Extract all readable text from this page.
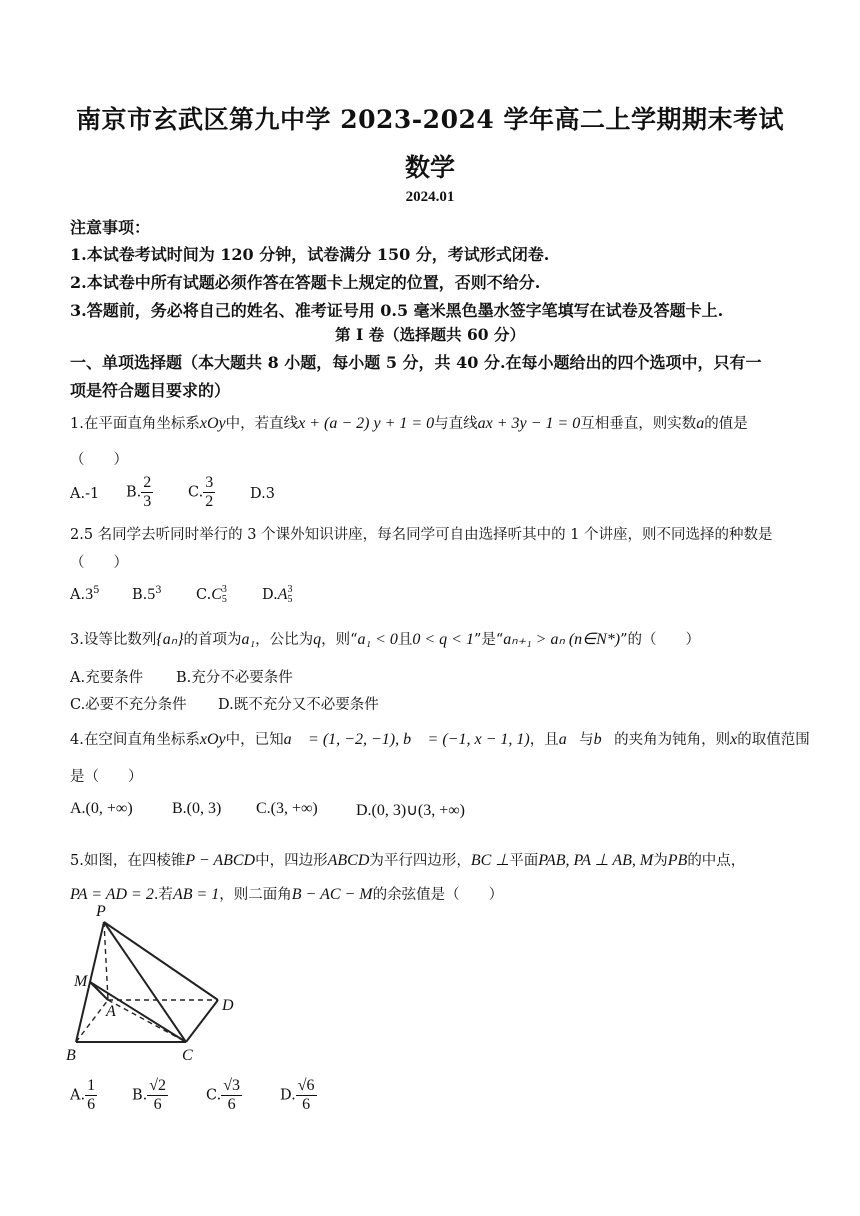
南京市玄武区第九中学 2023-2024 学年高二上学期期末考试
数学
2024.01
注意事项：
1.本试卷考试时间为 120 分钟，试卷满分 150 分，考试形式闭卷.
2.本试卷中所有试题必须作答在答题卡上规定的位置，否则不给分.
3.答题前，务必将自己的姓名、准考证号用 0.5 毫米黑色墨水签字笔填写在试卷及答题卡上.
第 I 卷（选择题共 60 分）
一、单项选择题（本大题共 8 小题，每小题 5 分，共 40 分.在每小题给出的四个选项中，只有一
项是符合题目要求的）
1.在平面直角坐标系xOy中，若直线x + (a − 2) y + 1 = 0与直线ax + 3y − 1 = 0互相垂直，则实数a的值是
（　　）
A.-1 B. $\frac{2}{3} C$. $\frac{3}{2} D.3$
2.5 名同学去听同时举行的 3 个课外知识讲座，每名同学可自由选择听其中的 1 个讲座，则不同选择的种数是
（　　）
$A.3^5$ $B.5^3$ C.C 3
5 D.A 3
5
3.设等比数列{aₙ}的首项为a₁，公比为q，则“a₁ < 0且0 < q < 1”是“aₙ₊₁ > aₙ (n∈N*)”的（　　）
A.充要条件 B.充分不必要条件
C.必要不充分条件 D.既不充分又不必要条件
4.在空间直角坐标系xOy中，已知a⃗ = (1, −2, −1), b⃗ = (−1, x − 1, 1)，且a⃗与b⃗的夹角为钝角，则x的取值范围
是（　　）
A.(0, +∞) B.(0, 3) C.(3, +∞) D.(0, 3)∪(3, +∞)
5.如图，在四棱锥P − ABCD中，四边形ABCD为平行四边形，BC ⊥平面PAB, PA ⊥ AB, M为PB的中点，
PA = AD = 2.若AB = 1，则二面角B − AC − M的余弦值是（　　）
P
M
A	D
B	C
A. $\frac{1}{6} B$. $\frac{√2}{6}$	C. $\frac{√3}{6}$	D. $\frac{√6}{6}$
